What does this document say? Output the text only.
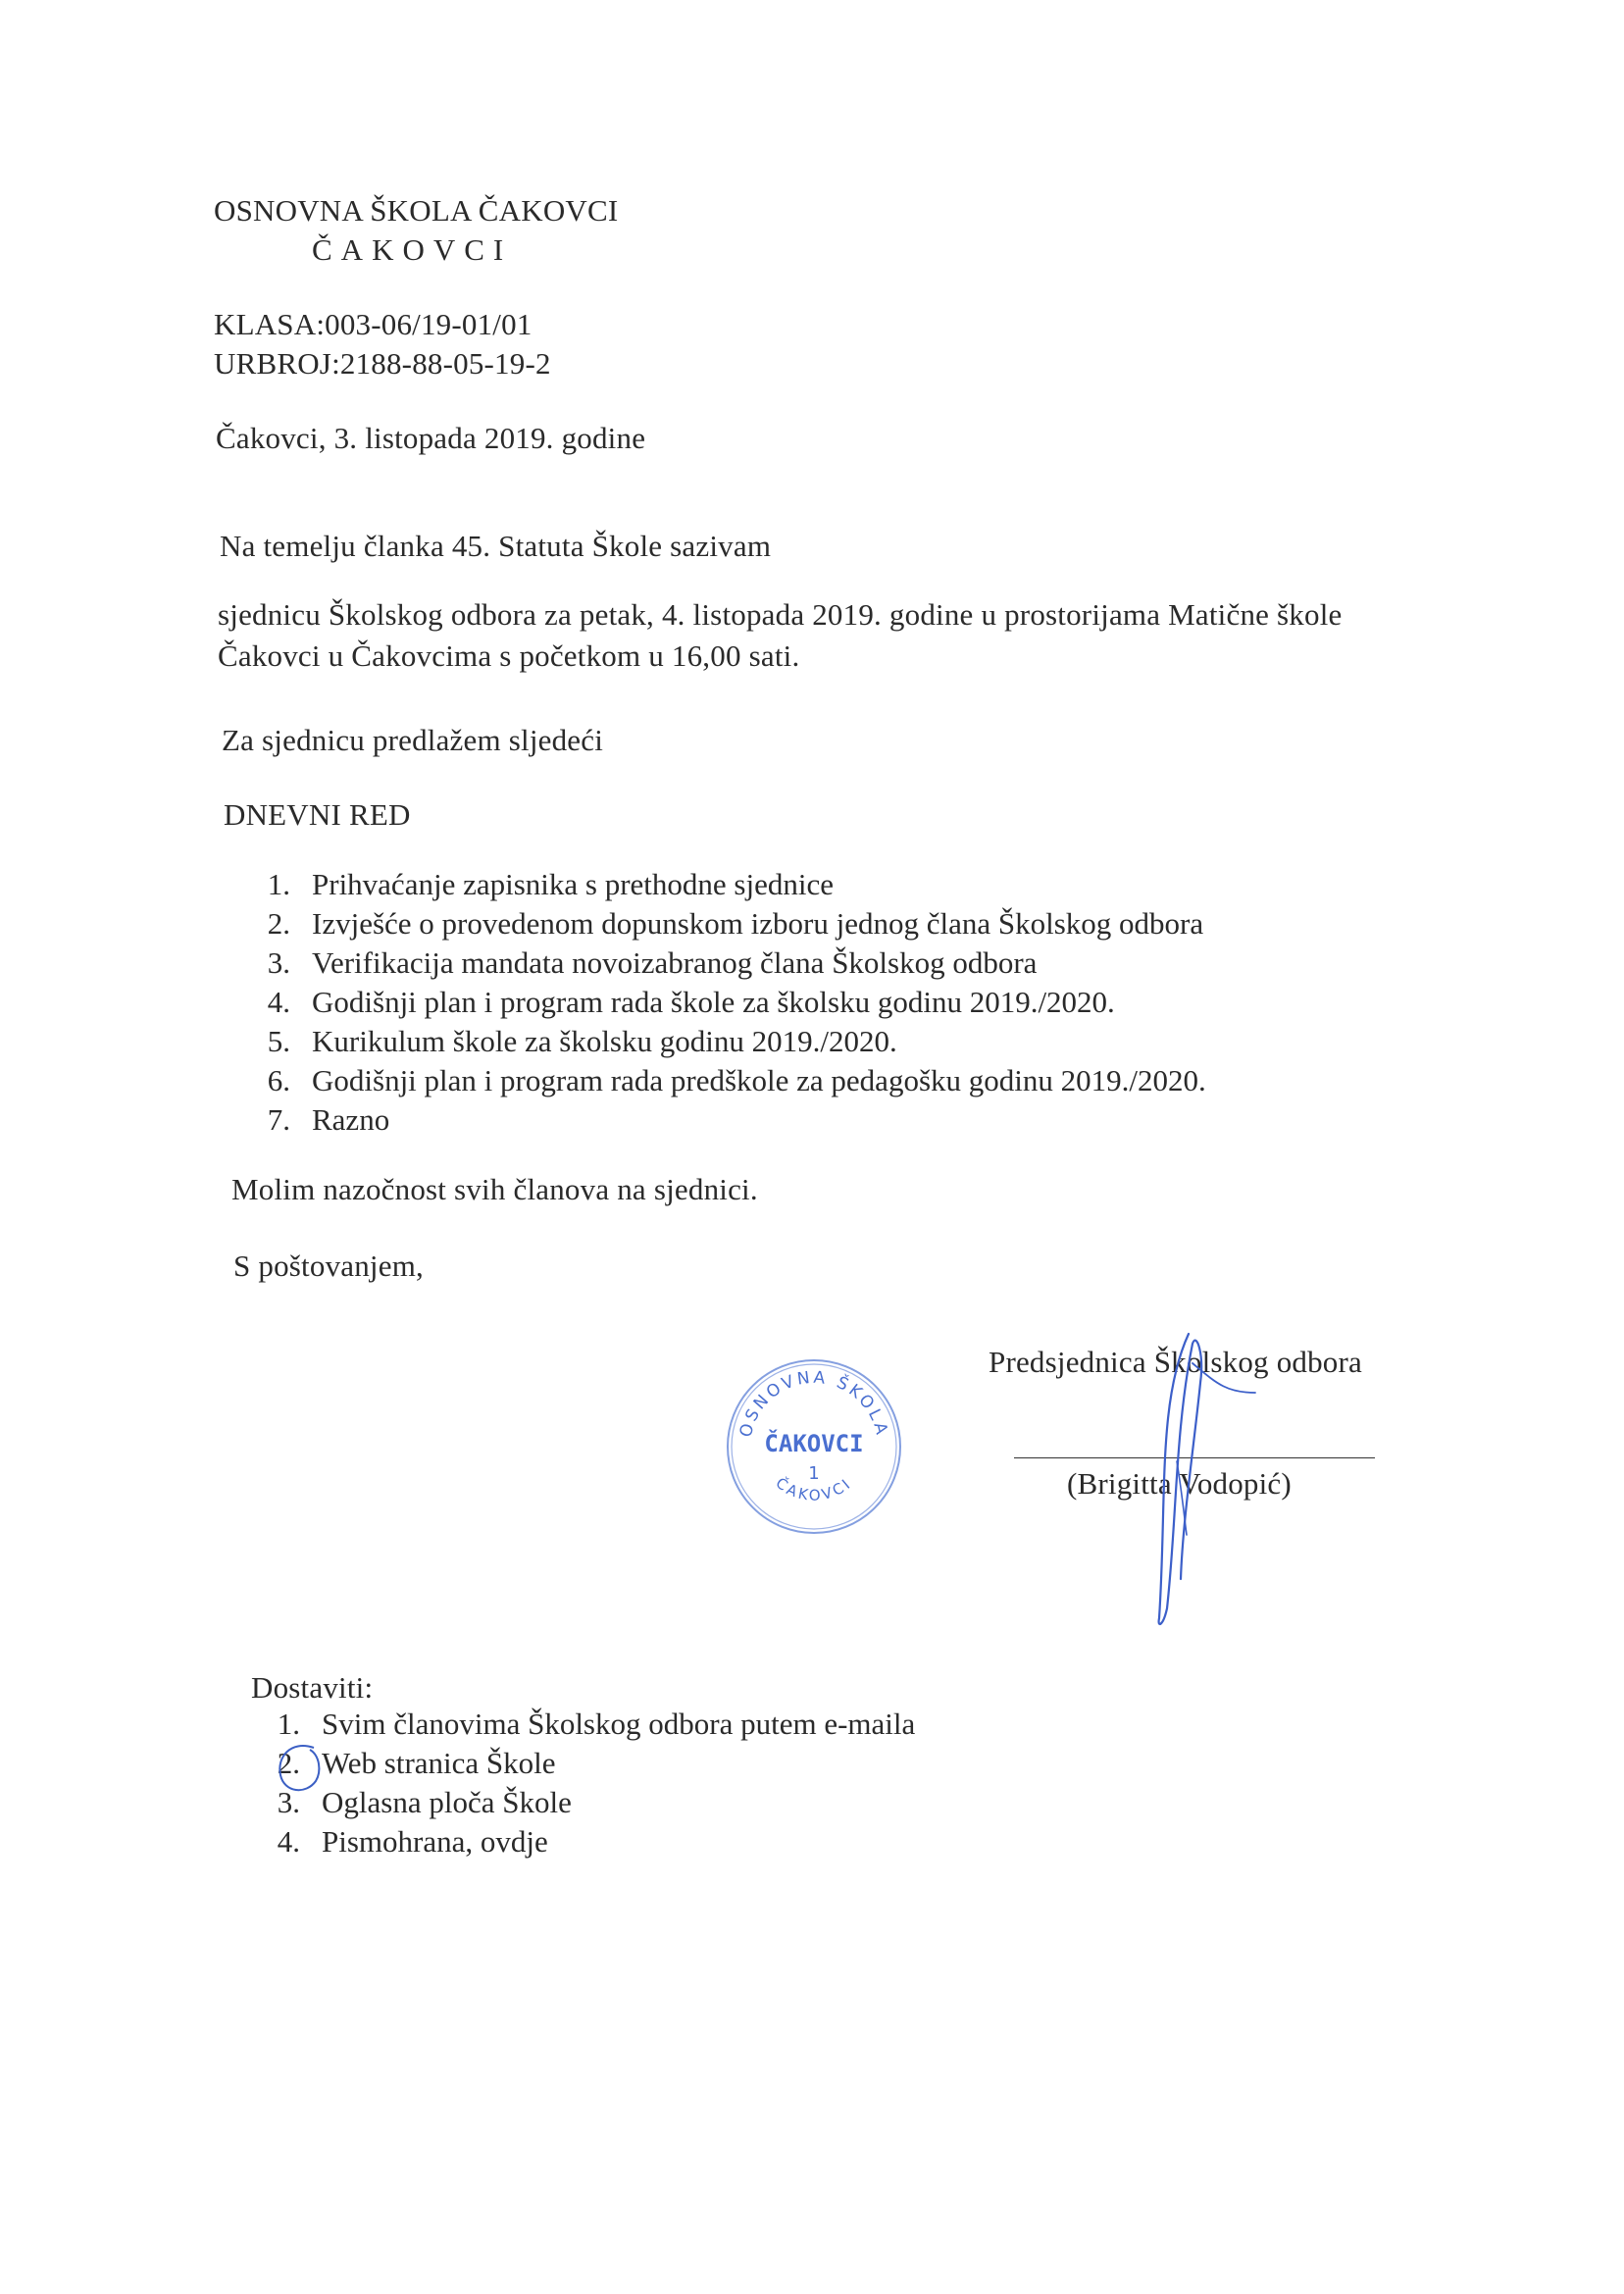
OSNOVNA ŠKOLA ČAKOVCI
ČAKOVCI
KLASA:003-06/19-01/01
URBROJ:2188-88-05-19-2
Čakovci, 3. listopada 2019. godine
Na temelju članka 45. Statuta Škole sazivam
sjednicu Školskog odbora za petak, 4. listopada 2019. godine u prostorijama Matične škole
Čakovci u Čakovcima s početkom u 16,00 sati.
Za sjednicu predlažem sljedeći
DNEVNI RED
1. Prihvaćanje zapisnika s prethodne sjednice
2. Izvješće o provedenom dopunskom izboru jednog člana Školskog odbora
3. Verifikacija mandata novoizabranog člana Školskog odbora
4. Godišnji plan i program rada škole za školsku godinu 2019./2020.
5. Kurikulum škole za školsku godinu 2019./2020.
6. Godišnji plan i program rada predškole za pedagošku godinu 2019./2020.
7. Razno
Molim nazočnost svih članova na sjednici.
S poštovanjem,
Predsjednica Školskog odbora
(Brigitta Vodopić)
OSNOVNA ŠKOLA
ČAKOVCI
1
ČAKOVCI
Dostaviti:
1. Svim članovima Školskog odbora putem e-maila
2. Web stranica Škole
3. Oglasna ploča Škole
4. Pismohrana, ovdje
